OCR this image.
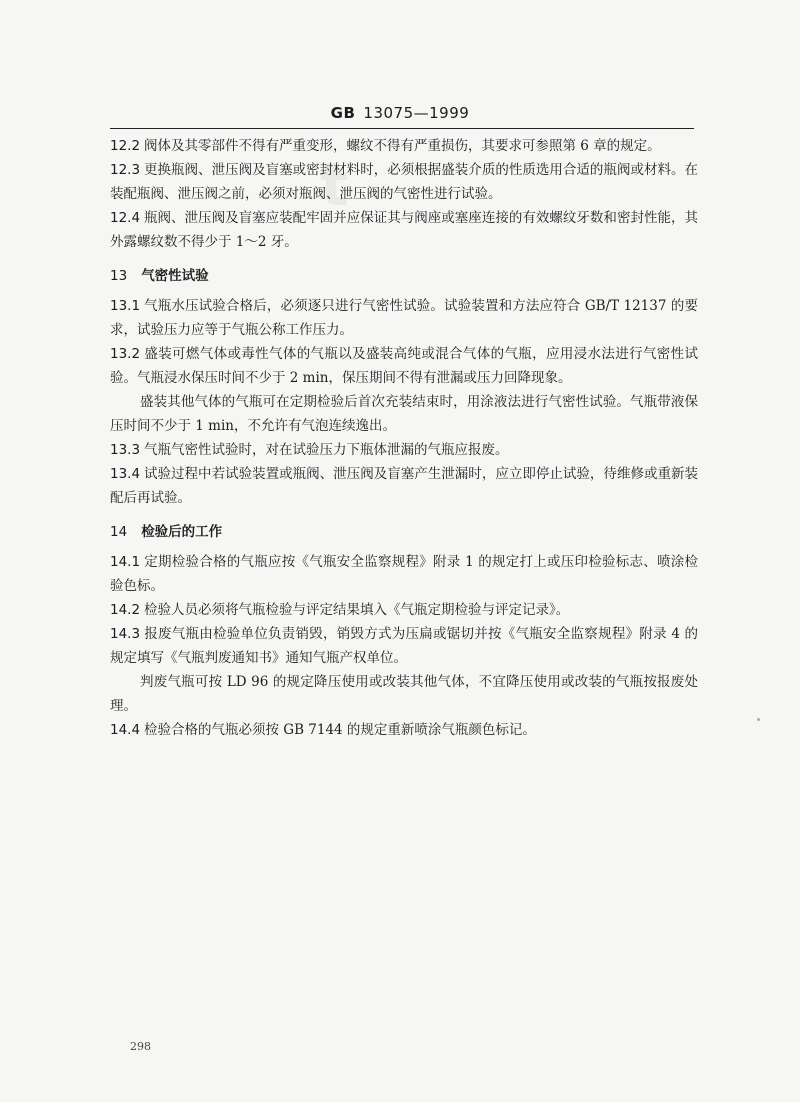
t
GB 13075—1999

12.2 阀体及其零部件不得有严重变形，螺纹不得有严重损伤，其要求可参照第 6 章的规定。

12.3 更换瓶阀、泄压阀及盲塞或密封材料时，必须根据盛装介质的性质选用合适的瓶阀或材料。在装配瓶阀、泄压阀之前，必须对瓶阀、泄压阀的气密性进行试验。

12.4 瓶阀、泄压阀及盲塞应装配牢固并应保证其与阀座或塞座连接的有效螺纹牙数和密封性能，其外露螺纹数不得少于 1～2 牙。

13 气密性试验

13.1 气瓶水压试验合格后，必须逐只进行气密性试验。试验装置和方法应符合 GB/T 12137 的要求，试验压力应等于气瓶公称工作压力。

13.2 盛装可燃气体或毒性气体的气瓶以及盛装高纯或混合气体的气瓶，应用浸水法进行气密性试验。气瓶浸水保压时间不少于 2 min，保压期间不得有泄漏或压力回降现象。

盛装其他气体的气瓶可在定期检验后首次充装结束时，用涂液法进行气密性试验。气瓶带液保压时间不少于 1 min，不允许有气泡连续逸出。

13.3 气瓶气密性试验时，对在试验压力下瓶体泄漏的气瓶应报废。

13.4 试验过程中若试验装置或瓶阀、泄压阀及盲塞产生泄漏时，应立即停止试验，待维修或重新装配后再试验。

14 检验后的工作

14.1 定期检验合格的气瓶应按《气瓶安全监察规程》附录 1 的规定打上或压印检验标志、喷涂检验色标。

14.2 检验人员必须将气瓶检验与评定结果填入《气瓶定期检验与评定记录》。

14.3 报废气瓶由检验单位负责销毁，销毁方式为压扁或锯切并按《气瓶安全监察规程》附录 4 的规定填写《气瓶判废通知书》通知气瓶产权单位。

判废气瓶可按 LD 96 的规定降压使用或改装其他气体，不宜降压使用或改装的气瓶按报废处理。

14.4 检验合格的气瓶必须按 GB 7144 的规定重新喷涂气瓶颜色标记。

298
